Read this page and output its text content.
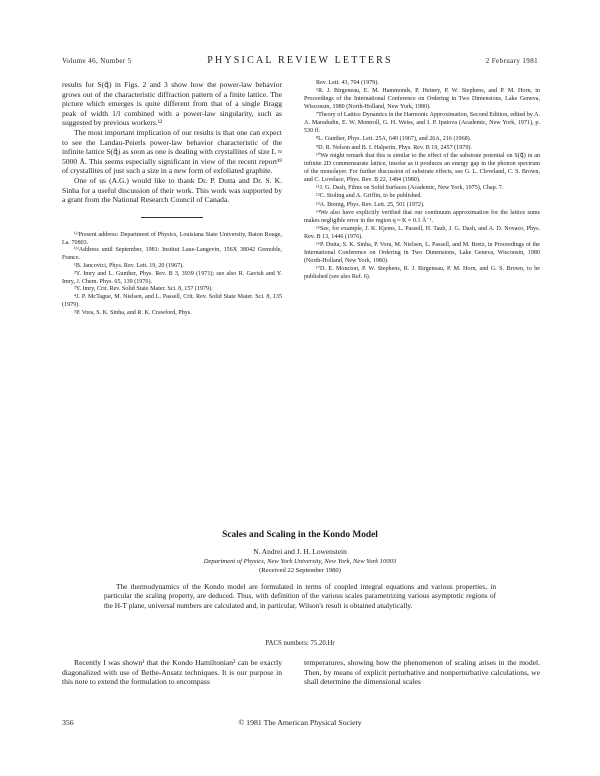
Volume 46, Number 5	PHYSICAL REVIEW LETTERS	2 February 1981

results for S(q⃗) in Figs. 2 and 3 show how the power-law behavior grows out of the characteristic diffraction pattern of a finite lattice. The picture which emerges is quite different from that of a single Bragg peak of width 1/l combined with a power-law singularity, such as suggested by previous workers.¹²

The most important implication of our results is that one can expect to see the Landau-Peierls power-law behavior characteristic of the infinite lattice S(q⃗) as soon as one is dealing with crystallites of size L ≈ 5000 Å. This seems especially significant in view of the recent report¹⁹ of crystallites of just such a size in a new form of exfoliated graphite.

One of us (A.G.) would like to thank Dr. P. Dutta and Dr. S. K. Sinha for a useful discussion of their work. This work was supported by a grant from the National Research Council of Canada.

⁽ᵃ⁾Present address: Department of Physics, Louisiana State University, Baton Rouge, La. 70803.

⁽ᵇ⁾Address until September, 1981: Institut Laue-Langevin, 156X 38042 Grenoble, France.

¹B. Jancovici, Phys. Rev. Lett. 19, 20 (1967).

²Y. Imry and L. Gunther, Phys. Rev. B 3, 3939 (1971); see also R. Gavish and Y. Imry, J. Chem. Phys. 65, 139 (1976).

³Y. Imry, Crit. Rev. Solid State Mater. Sci. 8, 157 (1979).

⁴J. P. McTague, M. Nielsen, and L. Passell, Crit. Rev. Solid State Mater. Sci. 8, 135 (1979).

⁵P. Vora, S. K. Sinha, and R. K. Crawford, Phys.

Rev. Lett. 43, 704 (1979).

⁶R. J. Birgeneau, E. M. Hammonds, P. Heiney, P. W. Stephens, and P. M. Horn, in Proceedings of the International Conference on Ordering in Two Dimensions, Lake Geneva, Wisconsin, 1980 (North-Holland, New York, 1980).

⁷Theory of Lattice Dynamics in the Harmonic Approximation, Second Edition, edited by A. A. Maradudin, E. W. Montroll, G. H. Weiss, and I. P. Ipatova (Academic, New York, 1971), p. 530 ff.

⁸L. Gunther, Phys. Lett. 25A, 649 (1967), and 26A, 216 (1968).

⁹D. R. Nelson and B. I. Halperin, Phys. Rev. B 19, 2457 (1979).

¹⁰We might remark that this is similar to the effect of the substrate potential on S(q⃗) in an infinite 2D commensurate lattice, insofar as it produces an energy gap in the phonon spectrum of the monolayer. For further discussion of substrate effects, see G. L. Cleveland, C. S. Brown, and C. Lovelace, Phys. Rev. B 22, 1484 (1980).

¹¹J. G. Dash, Films on Solid Surfaces (Academic, New York, 1975), Chap. 7.

¹²C. Stoling and A. Griffin, to be published.

¹³A. Brenig, Phys. Rev. Lett. 25, 501 (1972).

¹⁴We also have explicitly verified that our continuum approximation for the lattice sums makes negligible error in the region q ≈ K ≈ 0.1 Å⁻¹.

¹⁵See, for example, J. K. Kjems, L. Passell, H. Taub, J. G. Dash, and A. D. Novaco, Phys. Rev. B 13, 1446 (1976).

¹⁶P. Dutta, S. K. Sinha, P. Vora, M. Nielsen, L. Passell, and M. Bretz, in Proceedings of the International Conference on Ordering in Two Dimensions, Lake Geneva, Wisconsin, 1980 (North-Holland, New York, 1980).

¹⁷D. E. Moncton, P. W. Stephens, R. J. Birgeneau, P. M. Horn, and G. S. Brown, to be published (see also Ref. 6).

Scales and Scaling in the Kondo Model
N. Andrei and J. H. Lowenstein
Department of Physics, New York University, New York, New York 10003
(Received 22 September 1980)
The thermodynamics of the Kondo model are formulated in terms of coupled integral equations and various properties, in particular the scaling property, are deduced. Thus, with definition of the various scales parametrizing various asymptotic regions of the H-T plane, universal numbers are calculated and, in particular, Wilson's result is obtained analytically.
PACS numbers: 75.20.Hr

Recently I was shown¹ that the Kondo Hamiltonian² can be exactly diagonalized with use of Bethe-Ansatz techniques. It is our purpose in this note to extend the formulation to encompass

temperatures, showing how the phenomenon of scaling arises in the model. Then, by means of explicit perturbative and nonperturbative calculations, we shall determine the dimensional scales

356	© 1981 The American Physical Society
